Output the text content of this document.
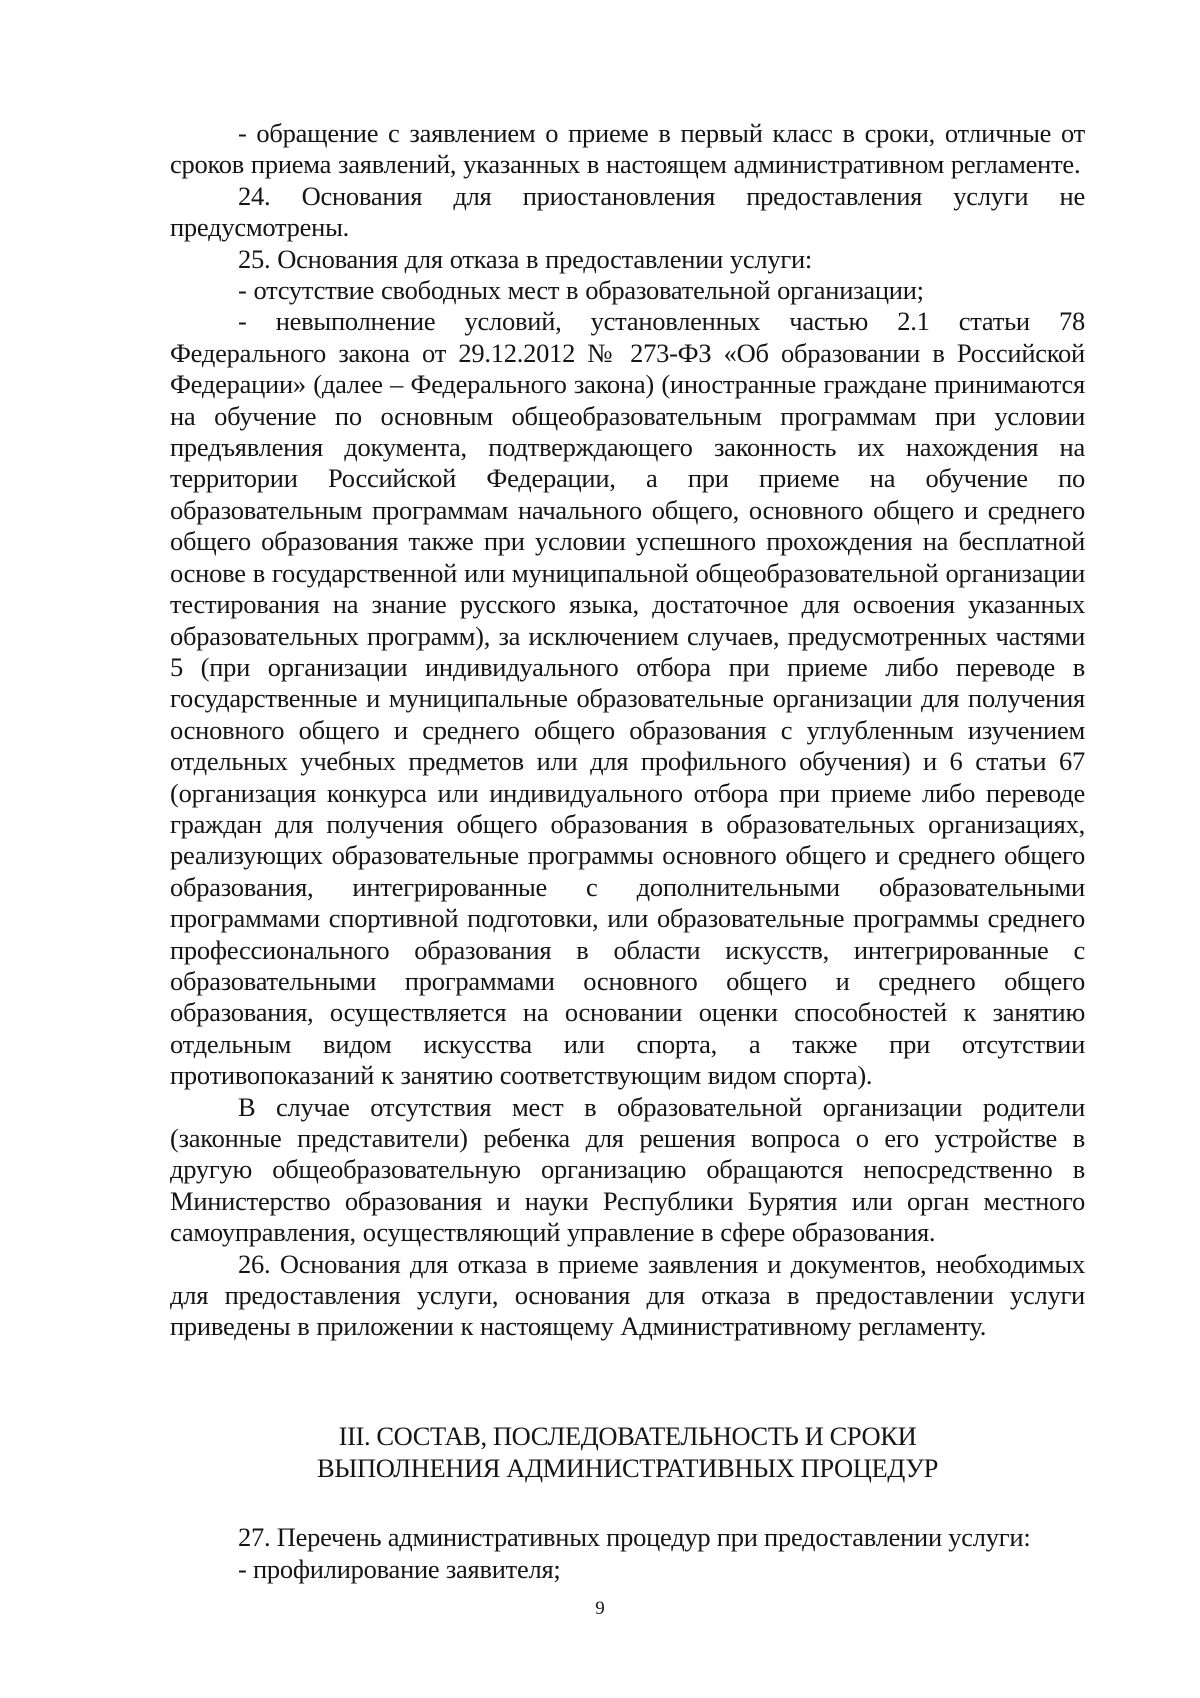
- обращение с заявлением о приеме в первый класс в сроки, отличные от сроков приема заявлений, указанных в настоящем административном регламенте.

24. Основания для приостановления предоставления услуги не предусмотрены.

25. Основания для отказа в предоставлении услуги:

- отсутствие свободных мест в образовательной организации;

- невыполнение условий, установленных частью 2.1 статьи 78 Федерального закона от 29.12.2012 № 273-ФЗ «Об образовании в Российской Федерации» (далее – Федерального закона) (иностранные граждане принимаются на обучение по основным общеобразовательным программам при условии предъявления документа, подтверждающего законность их нахождения на территории Российской Федерации, а при приеме на обучение по образовательным программам начального общего, основного общего и среднего общего образования также при условии успешного прохождения на бесплатной основе в государственной или муниципальной общеобразовательной организации тестирования на знание русского языка, достаточное для освоения указанных образовательных программ), за исключением случаев, предусмотренных частями 5 (при организации индивидуального отбора при приеме либо переводе в государственные и муниципальные образовательные организации для получения основного общего и среднего общего образования с углубленным изучением отдельных учебных предметов или для профильного обучения) и 6 статьи 67 (организация конкурса или индивидуального отбора при приеме либо переводе граждан для получения общего образования в образовательных организациях, реализующих образовательные программы основного общего и среднего общего образования, интегрированные с дополнительными образовательными программами спортивной подготовки, или образовательные программы среднего профессионального образования в области искусств, интегрированные с образовательными программами основного общего и среднего общего образования, осуществляется на основании оценки способностей к занятию отдельным видом искусства или спорта, а также при отсутствии противопоказаний к занятию соответствующим видом спорта).

В случае отсутствия мест в образовательной организации родители (законные представители) ребенка для решения вопроса о его устройстве в другую общеобразовательную организацию обращаются непосредственно в Министерство образования и науки Республики Бурятия или орган местного самоуправления, осуществляющий управление в сфере образования.

26. Основания для отказа в приеме заявления и документов, необходимых для предоставления услуги, основания для отказа в предоставлении услуги приведены в приложении к настоящему Административному регламенту.

III. СОСТАВ, ПОСЛЕДОВАТЕЛЬНОСТЬ И СРОКИ
ВЫПОЛНЕНИЯ АДМИНИСТРАТИВНЫХ ПРОЦЕДУР

27. Перечень административных процедур при предоставлении услуги:

- профилирование заявителя;

9
